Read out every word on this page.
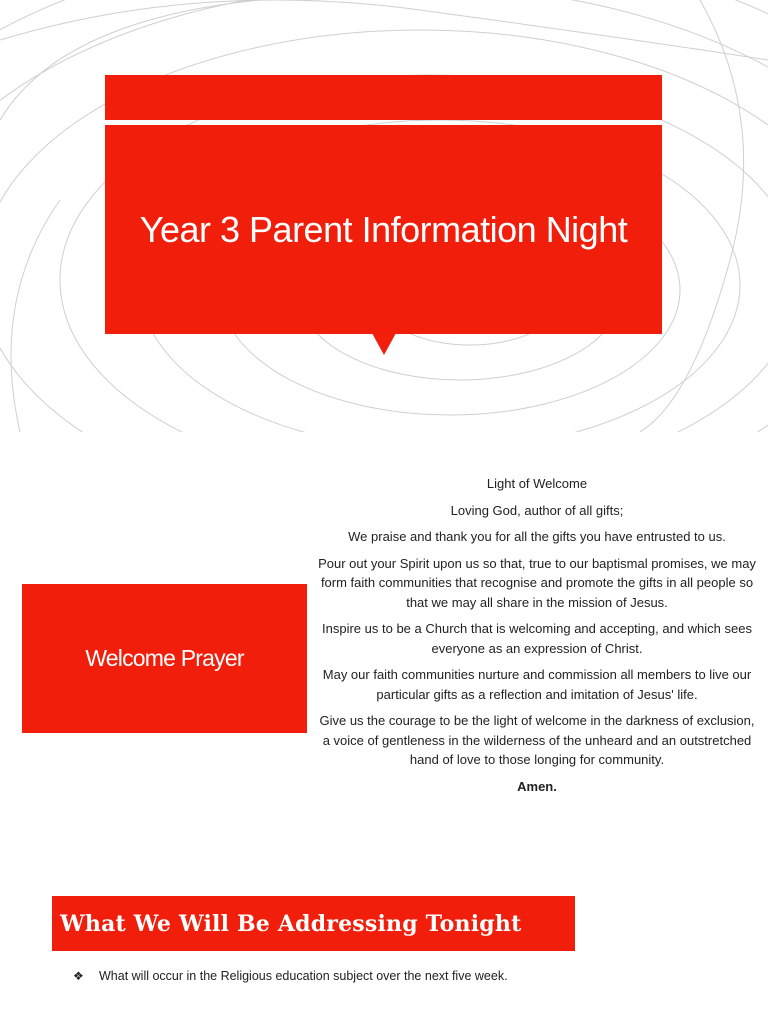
Year 3 Parent Information Night
Welcome Prayer

Light of Welcome

Loving God, author of all gifts;

We praise and thank you for all the gifts you have entrusted to us.

Pour out your Spirit upon us so that, true to our baptismal promises, we may form faith communities that recognise and promote the gifts in all people so that we may all share in the mission of Jesus.

Inspire us to be a Church that is welcoming and accepting, and which sees everyone as an expression of Christ.

May our faith communities nurture and commission all members to live our particular gifts as a reflection and imitation of Jesus' life.

Give us the courage to be the light of welcome in the darkness of exclusion, a voice of gentleness in the wilderness of the unheard and an outstretched hand of love to those longing for community.

Amen.

What We Will Be Addressing Tonight
❖ What will occur in the Religious education subject over the next five week.
